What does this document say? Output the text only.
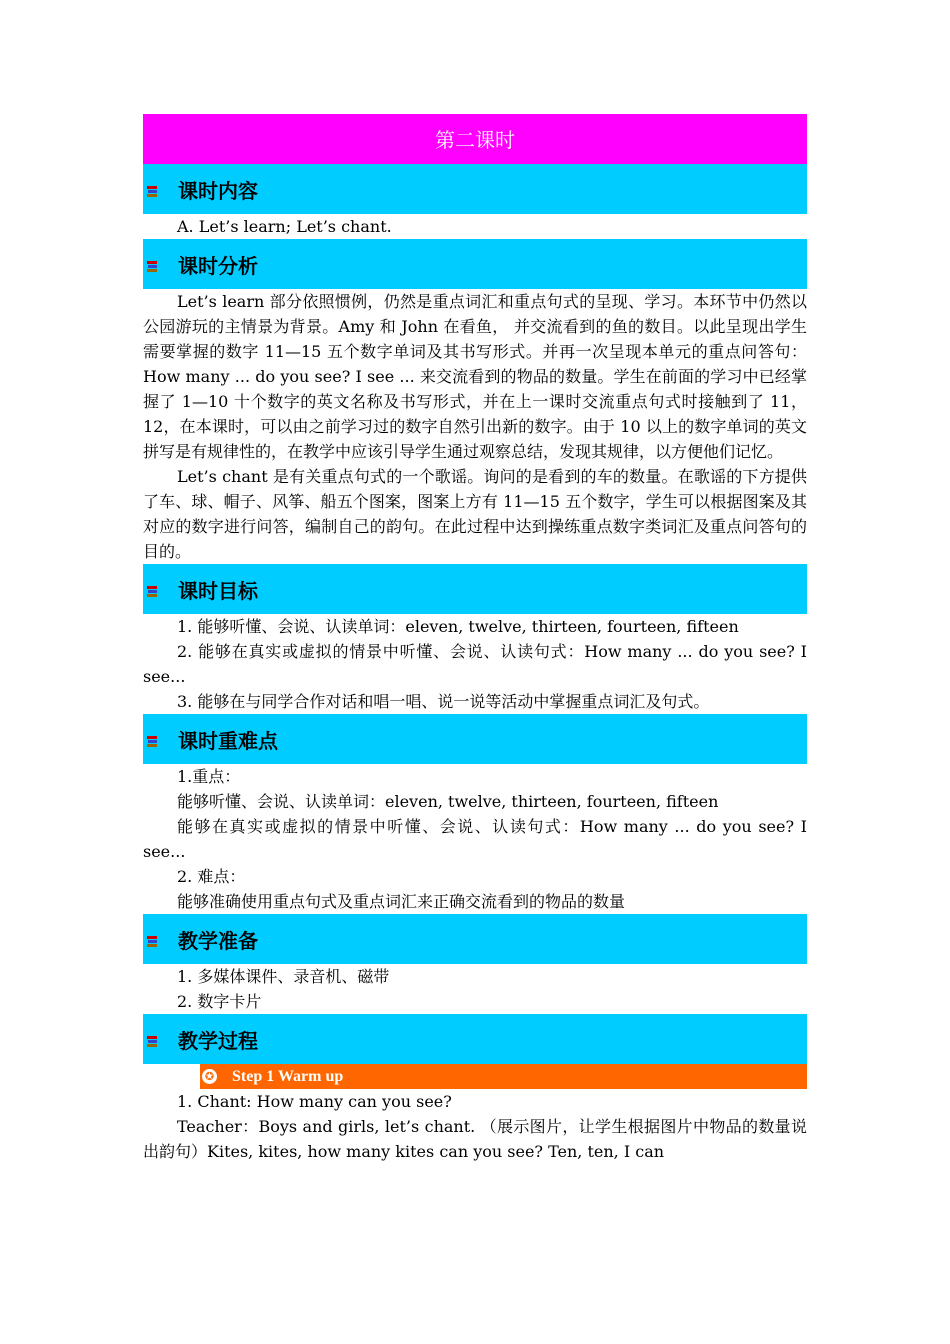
第二课时
课时内容

A. Let’s learn; Let’s chant.

课时分析

Let’s learn 部分依照惯例，仍然是重点词汇和重点句式的呈现、学习。本环节中仍然以公园游玩的主情景为背景。Amy 和 John 在看鱼， 并交流看到的鱼的数目。以此呈现出学生需要掌握的数字 11—15 五个数字单词及其书写形式。并再一次呈现本单元的重点问答句：How many ... do you see? I see ... 来交流看到的物品的数量。学生在前面的学习中已经掌握了 1—10 十个数字的英文名称及书写形式，并在上一课时交流重点句式时接触到了 11，12，在本课时，可以由之前学习过的数字自然引出新的数字。由于 10 以上的数字单词的英文拼写是有规律性的，在教学中应该引导学生通过观察总结，发现其规律，以方便他们记忆。

Let’s chant 是有关重点句式的一个歌谣。询问的是看到的车的数量。在歌谣的下方提供了车、球、帽子、风筝、船五个图案，图案上方有 11—15 五个数字，学生可以根据图案及其对应的数字进行问答，编制自己的韵句。在此过程中达到操练重点数字类词汇及重点问答句的目的。

课时目标

1. 能够听懂、会说、认读单词：eleven, twelve, thirteen, fourteen, fifteen

2. 能够在真实或虚拟的情景中听懂、会说、认读句式：How many ... do you see? I see...

3. 能够在与同学合作对话和唱一唱、说一说等活动中掌握重点词汇及句式。

课时重难点

1.重点：

能够听懂、会说、认读单词：eleven, twelve, thirteen, fourteen, fifteen

能够在真实或虚拟的情景中听懂、会说、认读句式：How many ... do you see? I see...

2. 难点：

能够准确使用重点句式及重点词汇来正确交流看到的物品的数量

教学准备

1. 多媒体课件、录音机、磁带

2. 数字卡片

教学过程
✪ Step 1 Warm up

1. Chant: How many can you see?

Teacher：Boys and girls, let’s chant. （展示图片，让学生根据图片中物品的数量说出韵句）Kites, kites, how many kites can you see? Ten, ten, I can
